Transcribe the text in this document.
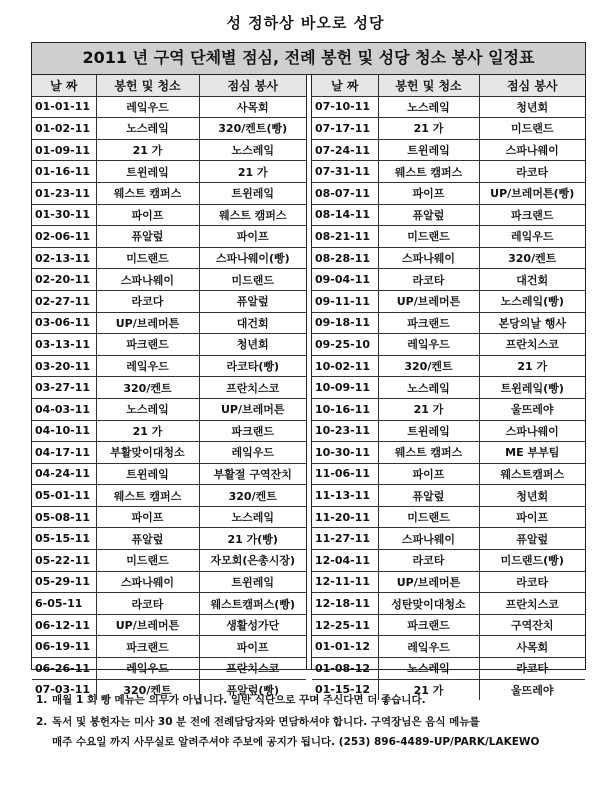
성 정하상 바오로 성당
2011 년 구역 단체별 점심, 전례 봉헌 및 성당 청소 봉사 일정표
날 짜	봉헌 및 청소	점심 봉사
01-01-11	레잌우드	사목회
01-02-11	노스레잌	320/켄트(빵)
01-09-11	21 가	노스레잌
01-16-11	트윈레잌	21 가
01-23-11	웨스트 캠퍼스	트윈레잌
01-30-11	파이프	웨스트 캠퍼스
02-06-11	퓨알렆	파이프
02-13-11	미드랜드	스파나웨이(빵)
02-20-11	스파나웨이	미드랜드
02-27-11	라코다	퓨알렆
03-06-11	UP/브레머튼	대건회
03-13-11	파크랜드	청년회
03-20-11	레잌우드	라코타(빵)
03-27-11	320/켄트	프란치스코
04-03-11	노스레잌	UP/브레머튼
04-10-11	21 가	파크랜드
04-17-11	부활맞이대청소	레잌우드
04-24-11	트윈레잌	부활절 구역잔치
05-01-11	웨스트 캠퍼스	320/켄트
05-08-11	파이프	노스레잌
05-15-11	퓨알렆	21 가(빵)
05-22-11	미드랜드	자모회(은총시장)
05-29-11	스파나웨이	트윈레잌
6-05-11	라코타	웨스트캠퍼스(빵)
06-12-11	UP/브레머튼	생활성가단
06-19-11	파크랜드	파이프
06-26-11	레잌우드	프란치스코
07-03-11	320/켄트	퓨알렆(빵)
날 짜	봉헌 및 청소	점심 봉사
07-10-11	노스레잌	청년회
07-17-11	21 가	미드랜드
07-24-11	트윈레잌	스파나웨이
07-31-11	웨스트 캠퍼스	라코타
08-07-11	파이프	UP/브레머튼(빵)
08-14-11	퓨알렆	파크랜드
08-21-11	미드랜드	레잌우드
08-28-11	스파나웨이	320/켄트
09-04-11	라코타	대건회
09-11-11	UP/브레머튼	노스레잌(빵)
09-18-11	파크랜드	본당의날 행사
09-25-10	레잌우드	프란치스코
10-02-11	320/켄트	21 가
10-09-11	노스레잌	트윈레잌(빵)
10-16-11	21 가	울뜨레야
10-23-11	트윈레잌	스파나웨이
10-30-11	웨스트 캠퍼스	ME 부부팀
11-06-11	파이프	웨스트캠퍼스
11-13-11	퓨알렆	청년회
11-20-11	미드랜드	파이프
11-27-11	스파나웨이	퓨알렆
12-04-11	라코타	미드랜드(빵)
12-11-11	UP/브레머튼	라코타
12-18-11	성탄맞이대청소	프란치스코
12-25-11	파크랜드	구역잔치
01-01-12	레잌우드	사목회
01-08-12	노스레잌	라코타
01-15-12	21 가	울뜨레야
1. 매월 1 회 빵 메뉴는 의무가 아닙니다. 일반 식단으로 꾸며 주신다면 더 좋습니다.
2. 독서 및 봉헌자는 미사 30 분 전에 전례담당자와 면담하셔야 합니다. 구역장님은 음식 메뉴를
매주 수요일 까지 사무실로 알려주셔야 주보에 공지가 됩니다. (253) 896-4489-UP/PARK/LAKEWO
